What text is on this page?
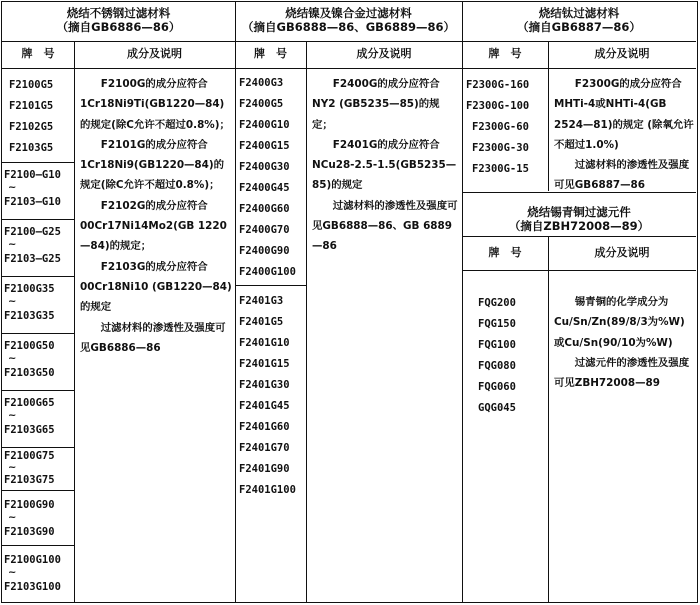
烧结不锈钢过滤材料
（摘自GB6886—86）
牌　号	成分及说明
F2100G5
F2101G5
F2102G5
F2103G5
F2100—G10
~
F2103—G10
F2100—G25
~
F2103—G25
F2100G35
~
F2103G35
F2100G50
~
F2103G50
F2100G65
~
F2103G65
F2100G75
~
F2103G75
F2100G90
~
F2103G90
F2100G100
~
F2103G100

F2100G的成分应符合1Cr18Ni9Ti(GB1220—84)的规定(除C允许不超过0.8%)；

F2101G的成分应符合1Cr18Ni9(GB1220—84)的规定(除C允许不超过0.8%)；

F2102G的成分应符合00Cr17Ni14Mo2(GB 1220—84)的规定；

F2103G的成分应符合00Cr18Ni10 (GB1220—84)的规定

过滤材料的渗透性及强度可见GB6886—86

烧结镍及镍合金过滤材料
（摘自GB6888—86、GB6889—86）
牌　号	成分及说明
F2400G3
F2400G5
F2400G10
F2400G15
F2400G30
F2400G45
F2400G60
F2400G70
F2400G90
F2400G100
F2401G3
F2401G5
F2401G10
F2401G15
F2401G30
F2401G45
F2401G60
F2401G70
F2401G90
F2401G100

F2400G的成分应符合NY2 (GB5235—85)的规定；

F2401G的成分应符合NCu28-2.5-1.5(GB5235—85)的规定

过滤材料的渗透性及强度可见GB6888—86、GB 6889—86

烧结钛过滤材料
（摘自GB6887—86）
牌　号	成分及说明
F2300G-160
F2300G-100
F2300G-60
F2300G-30
F2300G-15

F2300G的成分应符合MHTi-4或NHTi-4(GB 2524—81)的规定 (除氧允许不超过1.0%)

过滤材料的渗透性及强度可见GB6887—86

烧结锡青铜过滤元件
（摘自ZBH72008—89）
牌　号	成分及说明
FQG200
FQG150
FQG100
FQG080
FQG060
GQG045

锡青铜的化学成分为Cu/Sn/Zn(89/8/3为%W) 或Cu/Sn(90/10为%W)

过滤元件的渗透性及强度可见ZBH72008—89
